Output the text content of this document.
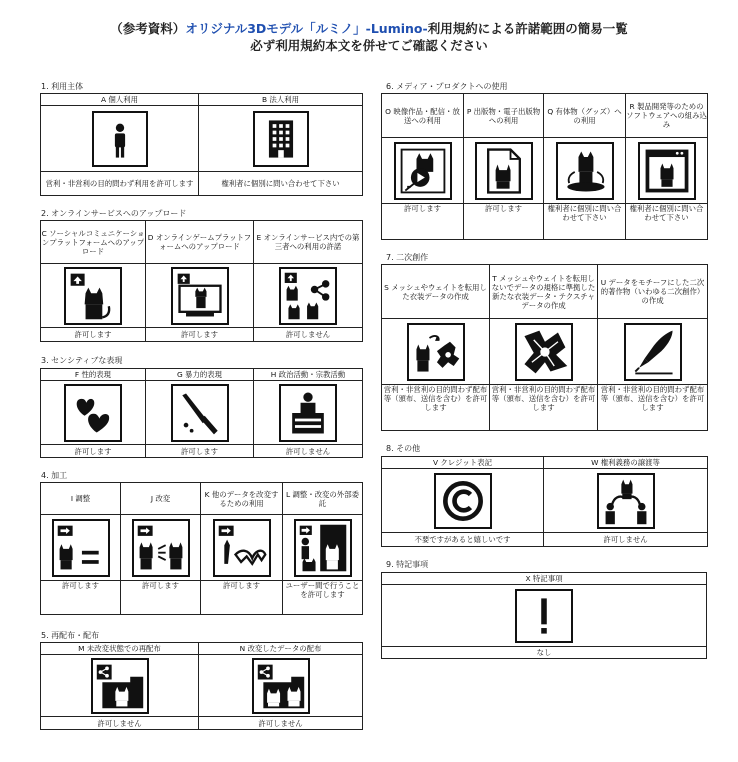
（参考資料）オリジナル3Dモデル「ルミノ」-Lumino-利用規約による許諾範囲の簡易一覧
必ず利用規約本文を併せてご確認ください
1. 利用主体
A 個人利用	B 法人利用

営利・非営利の目的問わず利用を許可します	権利者に個別に問い合わせて下さい
2. オンラインサービスへのアップロード
C ソーシャルコミュニケーションプラットフォームへのアップロード	D オンラインゲームプラットフォームへのアップロード	E オンラインサービス内での第三者への利用の許諾

許可します	許可します	許可しません
3. センシティブな表現
F 性的表現	G 暴力的表現	H 政治活動・宗教活動

許可します	許可します	許可しません
4. 加工
I 調整	J 改変	K 他のデータを改変するための利用	L 調整・改変の外部委託

許可します	許可します	許可します	ユーザー間で行うことを許可します
5. 再配布・配布
M 未改変状態での再配布	N 改変したデータの配布

許可しません	許可しません
6. メディア・プロダクトへの使用
O 映像作品・配信・放送への利用	P 出版物・電子出版物への利用	Q 有体物（グッズ）への利用	R 製品開発等のためのソフトウェアへの組み込み

許可します	許可します	権利者に個別に問い合わせて下さい	権利者に個別に問い合わせて下さい
7. 二次創作
S メッシュやウェイトを転用した衣装データの作成	T メッシュやウェイトを転用しないでデータの規格に準拠した新たな衣装データ・テクスチャデータの作成	U データをモチーフにした二次的著作物（いわゆる二次創作）の作成

営利・非営利の目的問わず配布等（頒布、送信を含む）を許可します	営利・非営利の目的問わず配布等（頒布、送信を含む）を許可します	営利・非営利の目的問わず配布等（頒布、送信を含む）を許可します
8. その他
V クレジット表記	W 権利義務の譲渡等

不要ですがあると嬉しいです	許可しません
9. 特記事項
X 特記事項

なし
